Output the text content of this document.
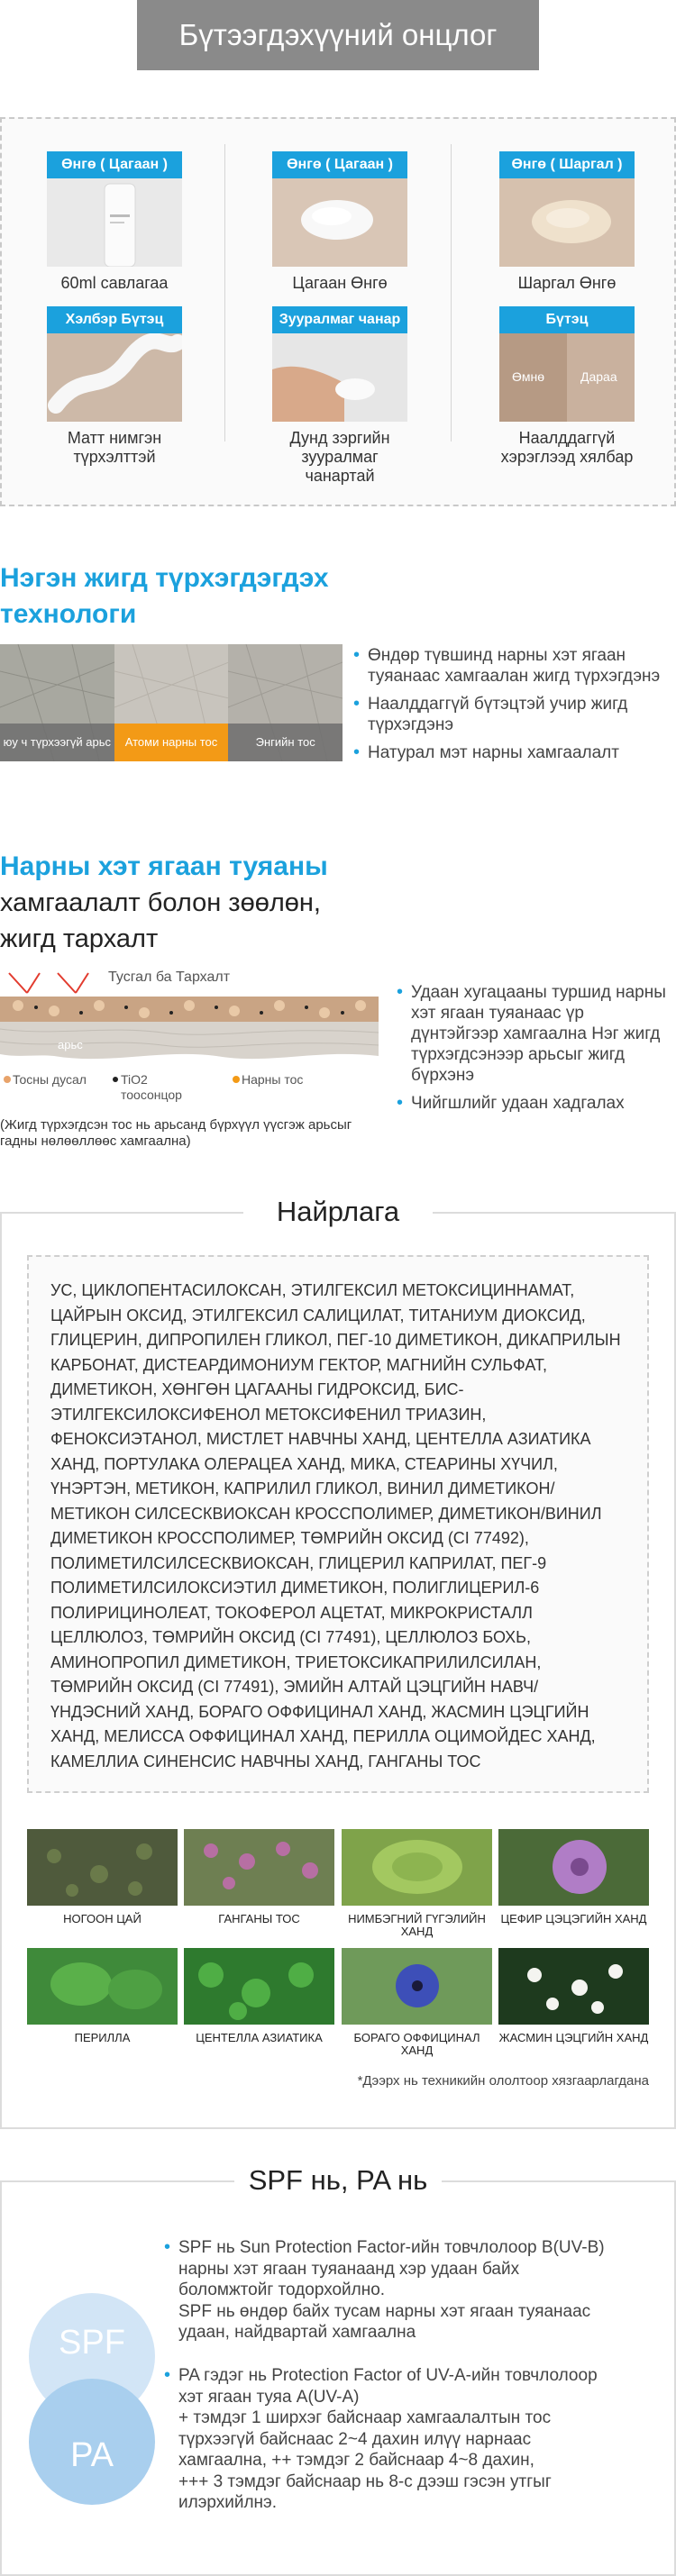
Бүтээгдэхүүний онцлог
Өнгө ( Цагаан )
60ml савлагаа
Өнгө ( Цагаан )
Цагаан Өнгө
Өнгө ( Шаргал )
Шаргал Өнгө
Хэлбэр Бүтэц
Матт нимгэн түрхэлттэй
Зууралмаг чанар
Дунд зэргийн зууралмаг чанартай
Бүтэц
Өмнө	Дараа
Наалддаггүй хэрэглээд хялбар
Нэгэн жигд түрхэгдэгдэх
технологи
юу ч түрхээгүй арьс	Атоми нарны тос	Энгийн тос
• Өндөр түвшинд нарны хэт ягаан туяанаас хамгаалан жигд түрхэгдэнэ
• Наалддаггүй бүтэцтэй учир жигд түрхэгдэнэ
• Натурал мэт нарны хамгаалалт
Нарны хэт ягаан туяаны
хамгаалалт болон зөөлөн,
жигд тархалт
Тусгал ба Тархалт
арьс
Тосны дусал	TiO2 тоосонцор
Нарны тос
(Жигд түрхэгдсэн тос нь арьсанд бүрхүүл үүсгэж арьсыг гадны нөлөөллөөс хамгаална)
• Удаан хугацааны туршид нарны хэт ягаан туяанаас үр дүнтэйгээр хамгаална Нэг жигд түрхэгдсэнээр арьсыг жигд бүрхэнэ
• Чийгшлийг удаан хадгалах
Найрлага
УС, ЦИКЛОПЕНТАСИЛОКСАН, ЭТИЛГЕКСИЛ МЕТОКСИЦИННАМАТ, ЦАЙРЫН ОКСИД, ЭТИЛГЕКСИЛ САЛИЦИЛАТ, ТИТАНИУМ ДИОКСИД, ГЛИЦЕРИН, ДИПРОПИЛЕН ГЛИКОЛ, ПЕГ-10 ДИМЕТИКОН, ДИКАПРИЛЫН КАРБОНАТ, ДИСТЕАРДИМОНИУМ ГЕКТОР, МАГНИЙН СУЛЬФАТ, ДИМЕТИКОН, ХӨНГӨН ЦАГААНЫ ГИДРОКСИД, БИС-ЭТИЛГЕКСИЛОКСИФЕНОЛ МЕТОКСИФЕНИЛ ТРИАЗИН, ФЕНОКСИЭТАНОЛ, МИСТЛЕТ НАВЧНЫ ХАНД, ЦЕНТЕЛЛА АЗИАТИКА ХАНД, ПОРТУЛАКА ОЛЕРАЦЕА ХАНД, МИКА, СТЕАРИНЫ ХҮЧИЛ, ҮНЭРТЭН, МЕТИКОН, КАПРИЛИЛ ГЛИКОЛ, ВИНИЛ ДИМЕТИКОН/ МЕТИКОН СИЛСЕСКВИОКСАН КРОССПОЛИМЕР, ДИМЕТИКОН/ВИНИЛ ДИМЕТИКОН КРОССПОЛИМЕР, ТӨМРИЙН ОКСИД (CI 77492), ПОЛИМЕТИЛСИЛСЕСКВИОКСАН, ГЛИЦЕРИЛ КАПРИЛАТ, ПЕГ-9 ПОЛИМЕТИЛСИЛОКСИЭТИЛ ДИМЕТИКОН, ПОЛИГЛИЦЕРИЛ-6 ПОЛИРИЦИНОЛЕАТ, ТОКОФЕРОЛ АЦЕТАТ, МИКРОКРИСТАЛЛ ЦЕЛЛЮЛОЗ, ТӨМРИЙН ОКСИД (CI 77491), ЦЕЛЛЮЛОЗ БОХЬ, АМИНОПРОПИЛ ДИМЕТИКОН, ТРИЕТОКСИКАПРИЛИЛСИЛАН, ТӨМРИЙН ОКСИД (CI 77491), ЭМИЙН АЛТАЙ ЦЭЦГИЙН НАВЧ/ ҮНДЭСНИЙ ХАНД, БОРАГО ОФФИЦИНАЛ ХАНД, ЖАСМИН ЦЭЦГИЙН ХАНД, МЕЛИССА ОФФИЦИНАЛ ХАНД, ПЕРИЛЛА ОЦИМОЙДЕС ХАНД, КАМЕЛЛИА СИНЕНСИС НАВЧНЫ ХАНД, ГАНГАНЫ ТОС
НОГООН ЦАЙ	ГАНГАНЫ ТОС	НИМБЭГНИЙ ГҮГЭЛИЙН ХАНД
ЦЕФИР ЦЭЦЭГИЙН ХАНД
ПЕРИЛЛА	ЦЕНТЕЛЛА АЗИАТИКА	БОРАГО ОФФИЦИНАЛ ХАНД
ЖАСМИН ЦЭЦГИЙН ХАНД
*Дээрх нь техникийн ололтоор хязгаарлагдана
SPF нь, PA нь
SPF
PA
• SPF нь Sun Protection Factor-ийн товчлолоор B(UV-B)
нарны хэт ягаан туяанаанд хэр удаан байх
боломжтойг тодорхойлно.
SPF нь өндөр байх тусам нарны хэт ягаан туяанаас
удаан, найдвартай хамгаална
• PA гэдэг нь Protection Factor of UV-A-ийн товчлолоор
хэт ягаан туяа A(UV-A)
+ тэмдэг 1 ширхэг байснаар хамгаалалтын тос
түрхээгүй байснаас 2~4 дахин илүү нарнаас
хамгаална, ++ тэмдэг 2 байснаар 4~8 дахин,
+++ 3 тэмдэг байснаар нь 8-с дээш гэсэн утгыг
илэрхийлнэ.
